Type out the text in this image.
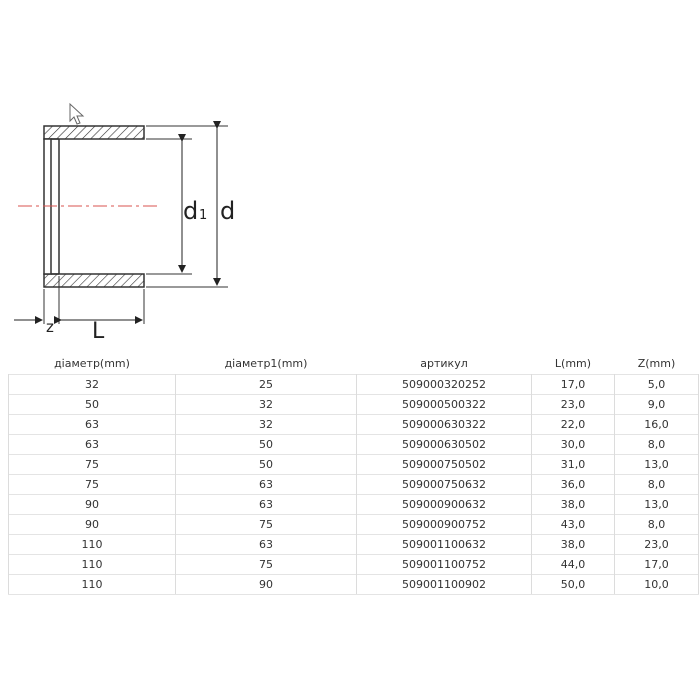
d 1 d
z L
діаметр(mm)	діаметр1(mm)	артикул	L(mm)	Z(mm)
32	25	509000320252	17,0	5,0
50	32	509000500322	23,0	9,0
63	32	509000630322	22,0	16,0
63	50	509000630502	30,0	8,0
75	50	509000750502	31,0	13,0
75	63	509000750632	36,0	8,0
90	63	509000900632	38,0	13,0
90	75	509000900752	43,0	8,0
110	63	509001100632	38,0	23,0
110	75	509001100752	44,0	17,0
110	90	509001100902	50,0	10,0
